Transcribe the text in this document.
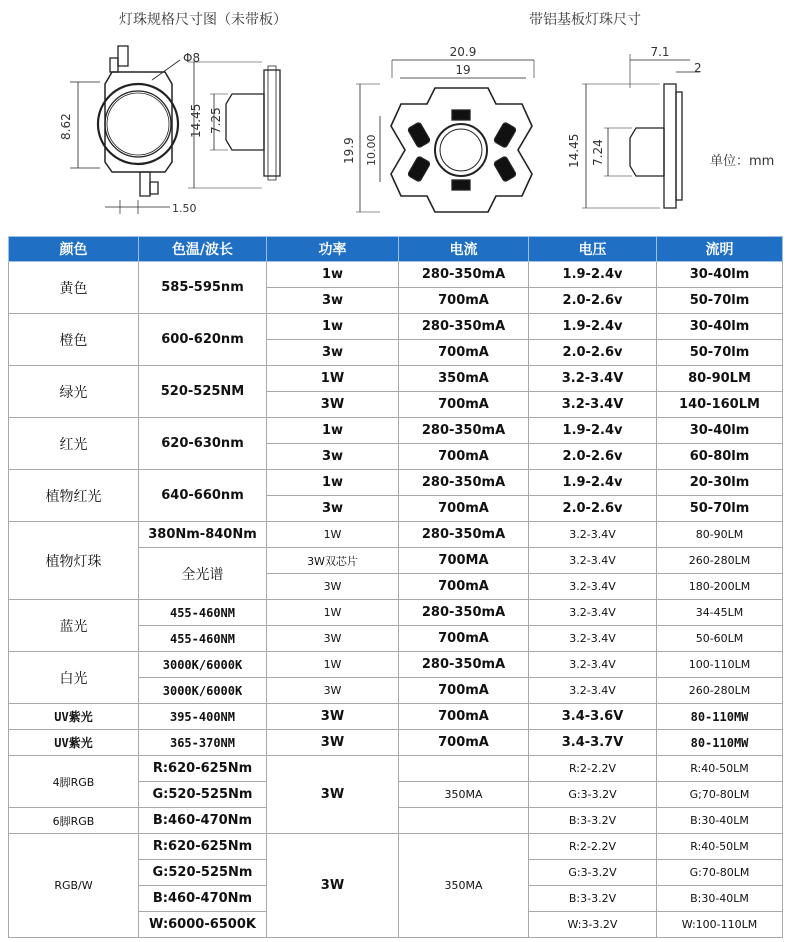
灯珠规格尺寸图（未带板）	带铝基板灯珠尺寸
Φ8
8.62
1.50
14.45 7.25
20.9
19
19.9 10.00
7.1
2
14.45 7.24	单位：mm
颜色	色温/波长	功率	电流	电压	流明
黄色	585-595nm	1w	280-350mA	1.9-2.4v	30-40lm
		3w	700mA	2.0-2.6v	50-70lm
橙色	600-620nm	1w	280-350mA	1.9-2.4v	30-40lm
		3w	700mA	2.0-2.6v	50-70lm
绿光	520-525NM	1W	350mA	3.2-3.4V	80-90LM
		3W	700mA	3.2-3.4V	140-160LM
红光	620-630nm	1w	280-350mA	1.9-2.4v	30-40lm
		3w	700mA	2.0-2.6v	60-80lm
植物红光	640-660nm	1w	280-350mA	1.9-2.4v	20-30lm
		3w	700mA	2.0-2.6v	50-70lm
植物灯珠	380Nm-840Nm	1W	280-350mA	3.2-3.4V	80-90LM
	全光谱	3W双芯片	700MA	3.2-3.4V	260-280LM
		3W	700mA	3.2-3.4V	180-200LM
蓝光	455-460NM	1W	280-350mA	3.2-3.4V	34-45LM
	455-460NM	3W	700mA	3.2-3.4V	50-60LM
白光	3000K/6000K	1W	280-350mA	3.2-3.4V	100-110LM
	3000K/6000K	3W	700mA	3.2-3.4V	260-280LM
UV紫光	395-400NM	3W	700mA	3.4-3.6V	80-110MW
UV紫光	365-370NM	3W	700mA	3.4-3.7V	80-110MW
4脚RGB	R:620-625Nm	3W		R:2-2.2V	R:40-50LM
	G:520-525Nm		350MA	G:3-3.2V	G;70-80LM
6脚RGB	B:460-470Nm			B:3-3.2V	B:30-40LM
RGB/W	R:620-625Nm	3W	350MA	R:2-2.2V	R:40-50LM
	G:520-525Nm			G:3-3.2V	G:70-80LM
	B:460-470Nm			B:3-3.2V	B:30-40LM
	W:6000-6500K			W:3-3.2V	W:100-110LM
